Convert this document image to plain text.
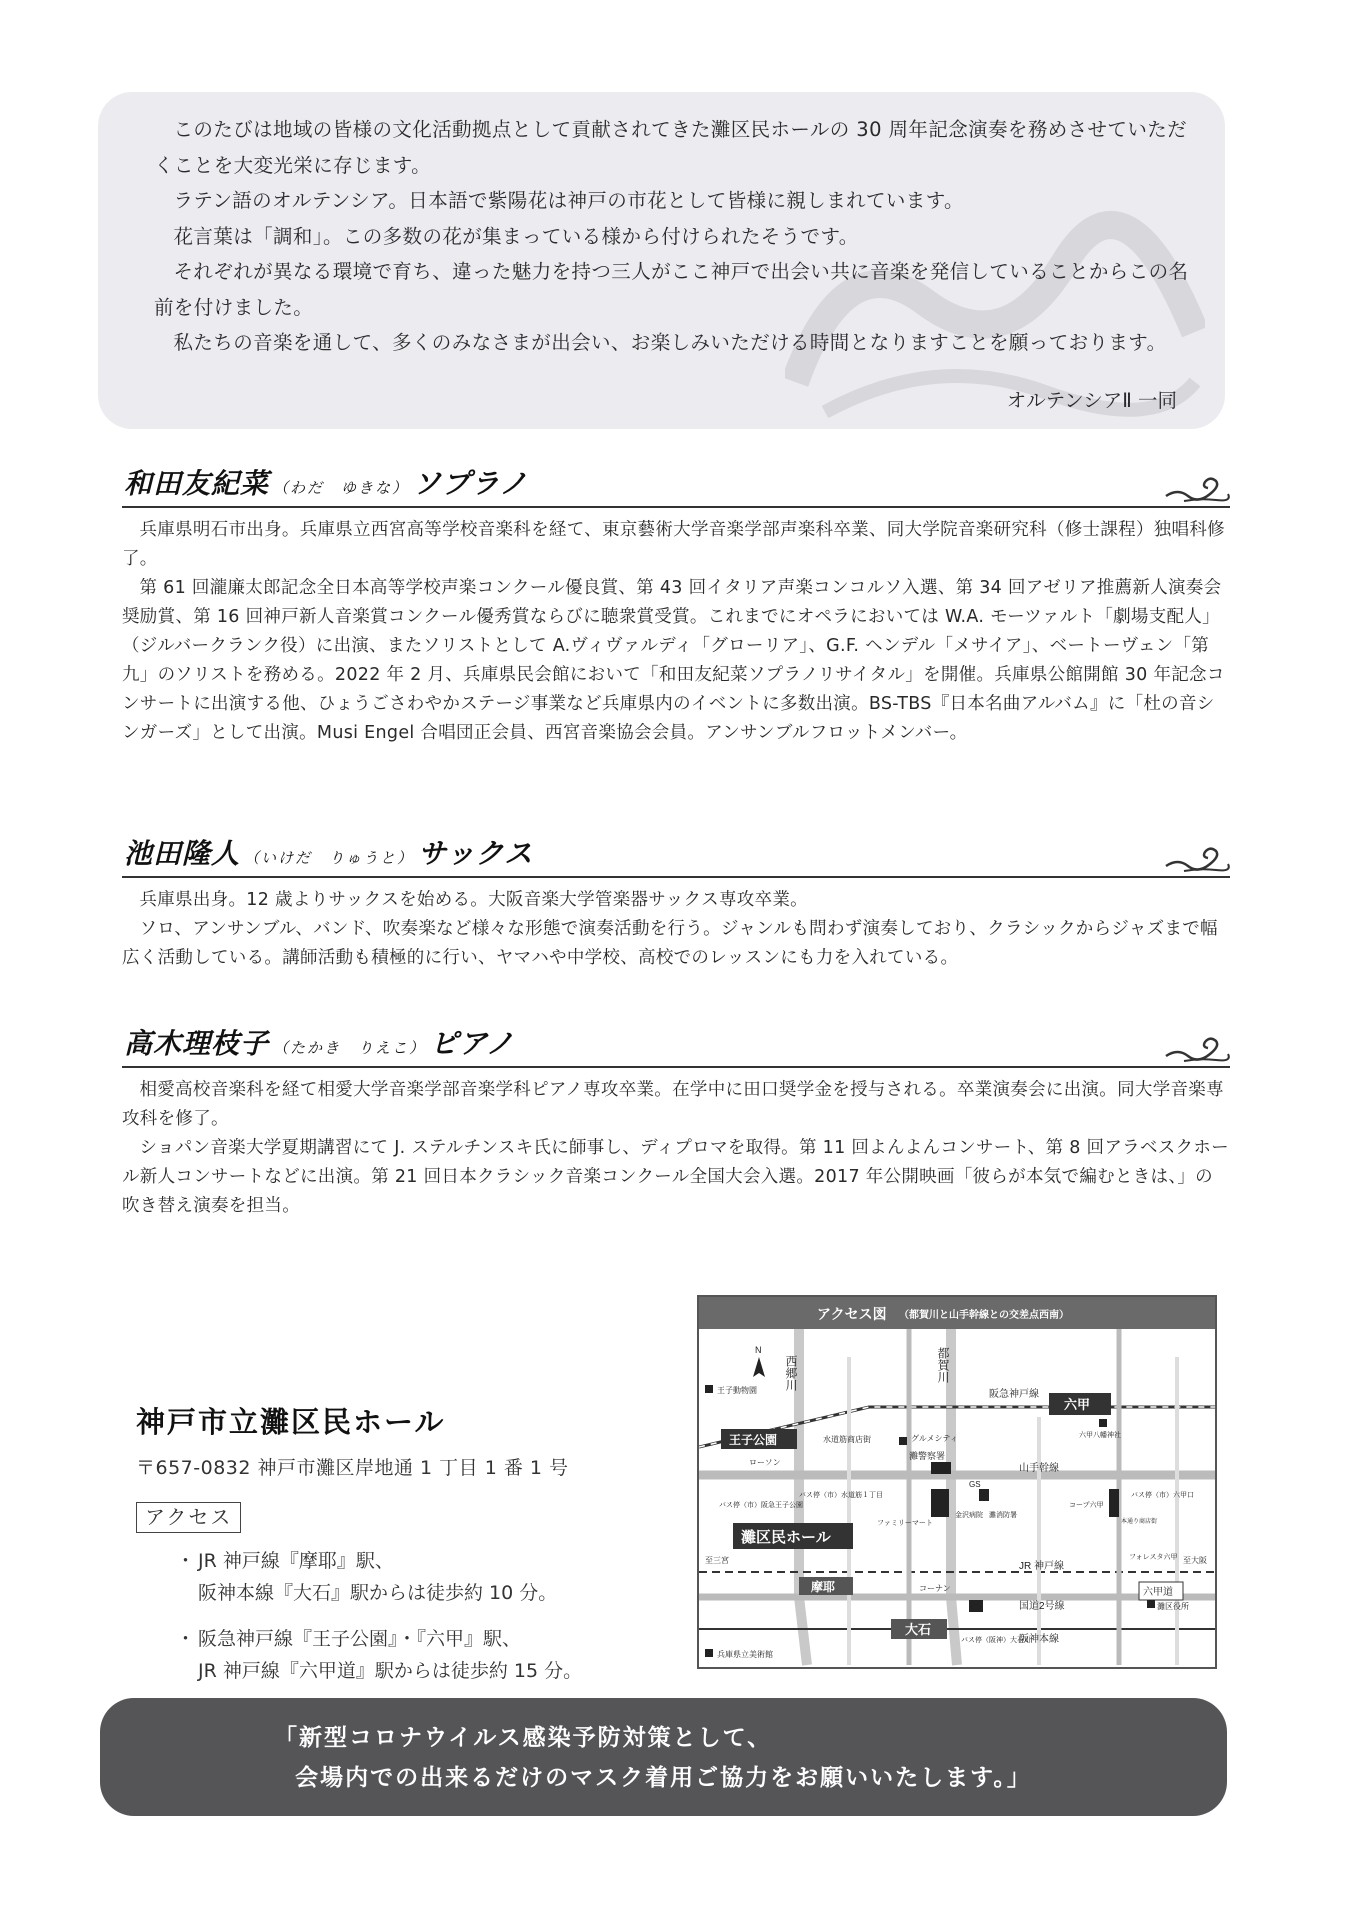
このたびは地域の皆様の文化活動拠点として貢献されてきた灘区民ホールの 30 周年記念演奏を務めさせていただくことを大変光栄に存じます。

ラテン語のオルテンシア。日本語で紫陽花は神戸の市花として皆様に親しまれています。

花言葉は「調和」。この多数の花が集まっている様から付けられたそうです。

それぞれが異なる環境で育ち、違った魅力を持つ三人がここ神戸で出会い共に音楽を発信していることからこの名前を付けました。

私たちの音楽を通して、多くのみなさまが出会い、お楽しみいただける時間となりますことを願っております。

オルテンシアⅡ 一同
和田友紀菜 （わだ　ゆきな） ソプラノ

兵庫県明石市出身。兵庫県立西宮高等学校音楽科を経て、東京藝術大学音楽学部声楽科卒業、同大学院音楽研究科（修士課程）独唱科修了。

第 61 回瀧廉太郎記念全日本高等学校声楽コンクール優良賞、第 43 回イタリア声楽コンコルソ入選、第 34 回アゼリア推薦新人演奏会奨励賞、第 16 回神戸新人音楽賞コンクール優秀賞ならびに聴衆賞受賞。これまでにオペラにおいては W.A. モーツァルト「劇場支配人」（ジルバークランク役）に出演、またソリストとして A.ヴィヴァルディ「グローリア」、G.F. ヘンデル「メサイア」、ベートーヴェン「第九」のソリストを務める。2022 年 2 月、兵庫県民会館において「和田友紀菜ソプラノリサイタル」を開催。兵庫県公館開館 30 年記念コンサートに出演する他、ひょうごさわやかステージ事業など兵庫県内のイベントに多数出演。BS-TBS『日本名曲アルバム』に「杜の音シンガーズ」として出演。Musi Engel 合唱団正会員、西宮音楽協会会員。アンサンブルフロットメンバー。

池田隆人 （いけだ　りゅうと） サックス

兵庫県出身。12 歳よりサックスを始める。大阪音楽大学管楽器サックス専攻卒業。

ソロ、アンサンブル、バンド、吹奏楽など様々な形態で演奏活動を行う。ジャンルも問わず演奏しており、クラシックからジャズまで幅広く活動している。講師活動も積極的に行い、ヤマハや中学校、高校でのレッスンにも力を入れている。

高木理枝子 （たかき　りえこ） ピアノ

相愛高校音楽科を経て相愛大学音楽学部音楽学科ピアノ専攻卒業。在学中に田口奨学金を授与される。卒業演奏会に出演。同大学音楽専攻科を修了。

ショパン音楽大学夏期講習にて J. ステルチンスキ氏に師事し、ディプロマを取得。第 11 回よんよんコンサート、第 8 回アラベスクホール新人コンサートなどに出演。第 21 回日本クラシック音楽コンクール全国大会入選。2017 年公開映画「彼らが本気で編むときは、」の吹き替え演奏を担当。

神戸市立灘区民ホール

〒657-0832 神戸市灘区岸地通 1 丁目 1 番 1 号

アクセス
・ JR 神戸線『摩耶』駅、
阪神本線『大石』駅からは徒歩約 10 分。
・ 阪急神戸線『王子公園』・『六甲』駅、
JR 神戸線『六甲道』駅からは徒歩約 15 分。
アクセス図 （都賀川と山手幹線との交差点西南）
N
西郷川	都賀川
六甲
王子公園
灘区民ホール
摩耶
大石
六甲道
王子動物園	阪急神戸線
六甲八幡神社
水道筋商店街	グルメシティ
灘警察署
ローソン
GS
山手幹線
バス停（市）水道筋１丁目
バス停（市）阪急王子公園
金沢病院 灘消防署
コープ六甲
バス停（市）六甲口
本通り商店街
ファミリーマート
至三宮	至大阪
JR 神戸線
フォレスタ六甲
コーナン
国道2号線	灘区役所
バス停（阪神）大石川
阪神本線
兵庫県立美術館

「新型コロナウイルス感染予防対策として、

会場内での出来るだけのマスク着用ご協力をお願いいたします。」
